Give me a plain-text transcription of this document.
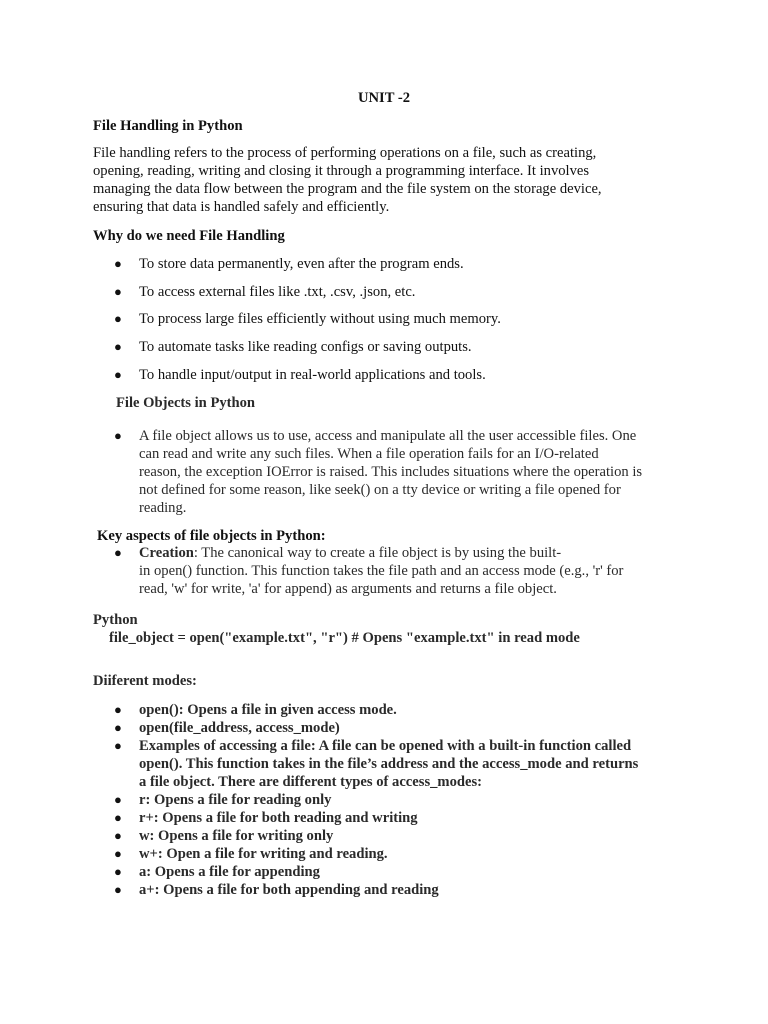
UNIT -2

File Handling in Python

File handling refers to the process of performing operations on a file, such as creating,
opening, reading, writing and closing it through a programming interface. It involves
managing the data flow between the program and the file system on the storage device,
ensuring that data is handled safely and efficiently.

Why do we need File Handling

● To store data permanently, even after the program ends.

● To access external files like .txt, .csv, .json, etc.

● To process large files efficiently without using much memory.

● To automate tasks like reading configs or saving outputs.

● To handle input/output in real-world applications and tools.

File Objects in Python

● A file object allows us to use, access and manipulate all the user accessible files. One
can read and write any such files. When a file operation fails for an I/O-related
reason, the exception IOError is raised. This includes situations where the operation is
not defined for some reason, like seek() on a tty device or writing a file opened for
reading.

Key aspects of file objects in Python:

● Creation: The canonical way to create a file object is by using the built-
in open() function. This function takes the file path and an access mode (e.g., 'r' for
read, 'w' for write, 'a' for append) as arguments and returns a file object.

Python

file_object = open("example.txt", "r") # Opens "example.txt" in read mode

Diiferent modes:

● open(): Opens a file in given access mode.

● open(file_address, access_mode)

● Examples of accessing a file: A file can be opened with a built-in function called
open(). This function takes in the file’s address and the access_mode and returns
a file object. There are different types of access_modes:

● r: Opens a file for reading only

● r+: Opens a file for both reading and writing

● w: Opens a file for writing only

● w+: Open a file for writing and reading.

● a: Opens a file for appending

● a+: Opens a file for both appending and reading
